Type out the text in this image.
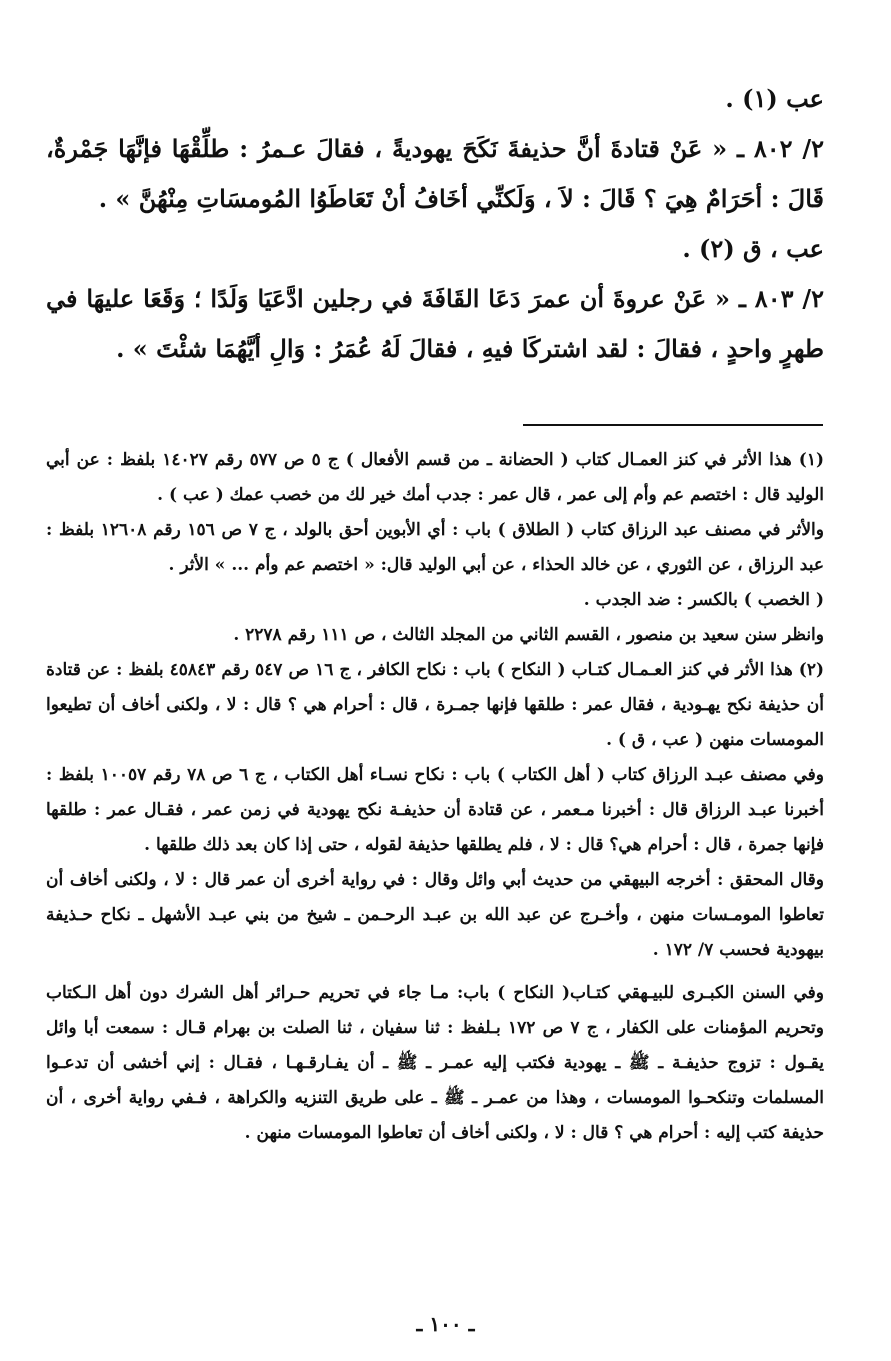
عب (١) .

٢/ ٨٠٢ ـ « عَنْ قتادةَ أنَّ حذيفةَ نَكَحَ يهوديةً ، فقالَ عـمرُ : طلِّقْهَا فإنَّهَا جَمْرةٌ، قَالَ : أحَرَامٌ هِيَ ؟ قَالَ : لاَ ، وَلَكنِّي أخَافُ أنْ تَعَاطَوُا المُومسَاتِ مِنْهُنَّ » .

عب ، ق (٢) .

٢/ ٨٠٣ ـ « عَنْ عروةَ أن عمرَ دَعَا القَافَةَ في رجلين ادَّعَيَا وَلَدًا ؛ وَقَعَا عليهَا في طهرٍ واحدٍ ، فقالَ : لقد اشتركَا فيهِ ، فقالَ لَهُ عُمَرُ : وَالِ أيَّهُمَا شئْتَ » .

(١) هذا الأثر في كنز العمـال كتاب ( الحضانة ـ من قسم الأفعال ) ج ٥ ص ٥٧٧ رقم ١٤٠٢٧ بلفظ : عن أبي الوليد قال : اختصم عم وأم إلى عمر ، قال عمر : جدب أمك خير لك من خصب عمك ( عب ) .

والأثر في مصنف عبد الرزاق كتاب ( الطلاق ) باب : أي الأبوين أحق بالولد ، ج ٧ ص ١٥٦ رقم ١٢٦٠٨ بلفظ : عبد الرزاق ، عن الثوري ، عن خالد الحذاء ، عن أبي الوليد قال: « اختصم عم وأم ... » الأثر .

( الخصب ) بالكسر : ضد الجدب .

وانظر سنن سعيد بن منصور ، القسم الثاني من المجلد الثالث ، ص ١١١ رقم ٢٢٧٨ .

(٢) هذا الأثر في كنز العـمـال كتـاب ( النكاح ) باب : نكاح الكافر ، ج ١٦ ص ٥٤٧ رقم ٤٥٨٤٣ بلفظ : عن قتادة أن حذيفة نكح يهـودية ، فقال عمر : طلقها فإنها جمـرة ، قال : أحرام هي ؟ قال : لا ، ولكنى أخاف أن تطيعوا المومسات منهن ( عب ، ق ) .

وفي مصنف عبـد الرزاق كتاب ( أهل الكتاب ) باب : نكاح نسـاء أهل الكتاب ، ج ٦ ص ٧٨ رقم ١٠٠٥٧ بلفظ : أخبرنا عبـد الرزاق قال : أخبرنا مـعمر ، عن قتادة أن حذيفـة نكح يهودية في زمن عمر ، فقـال عمر : طلقها فإنها جمرة ، قال : أحرام هي؟ قال : لا ، فلم يطلقها حذيفة لقوله ، حتى إذا كان بعد ذلك طلقها .

وقال المحقق : أخرجه البيهقي من حديث أبي وائل وقال : في رواية أخرى أن عمر قال : لا ، ولكنى أخاف أن تعاطوا المومـسات منهن ، وأخـرج عن عبد الله بن عبـد الرحـمن ـ شيخ من بني عبـد الأشهل ـ نكاح حـذيفة بيهودية فحسب ٧/ ١٧٢ .

وفي السنن الكبـرى للبيـهقي كتـاب( النكاح ) باب: مـا جاء في تحريم حـرائر أهل الشرك دون أهل الـكتاب وتحريم المؤمنات على الكفار ، ج ٧ ص ١٧٢ بـلفظ : ثنا سفيان ، ثنا الصلت بن بهرام قـال : سمعت أبا وائل يقـول : تزوج حذيفـة ـ ﷺ ـ يهودية فكتب إليه عمـر ـ ﷺ ـ أن يفـارقـهـا ، فقـال : إني أخشى أن تدعـوا المسلمات وتنكحـوا المومسات ، وهذا من عمـر ـ ﷺ ـ على طريق التنزيه والكراهة ، فـفي رواية أخرى ، أن حذيفة كتب إليه : أحرام هي ؟ قال : لا ، ولكنى أخاف أن تعاطوا المومسات منهن .

ـ ١٠٠ ـ
